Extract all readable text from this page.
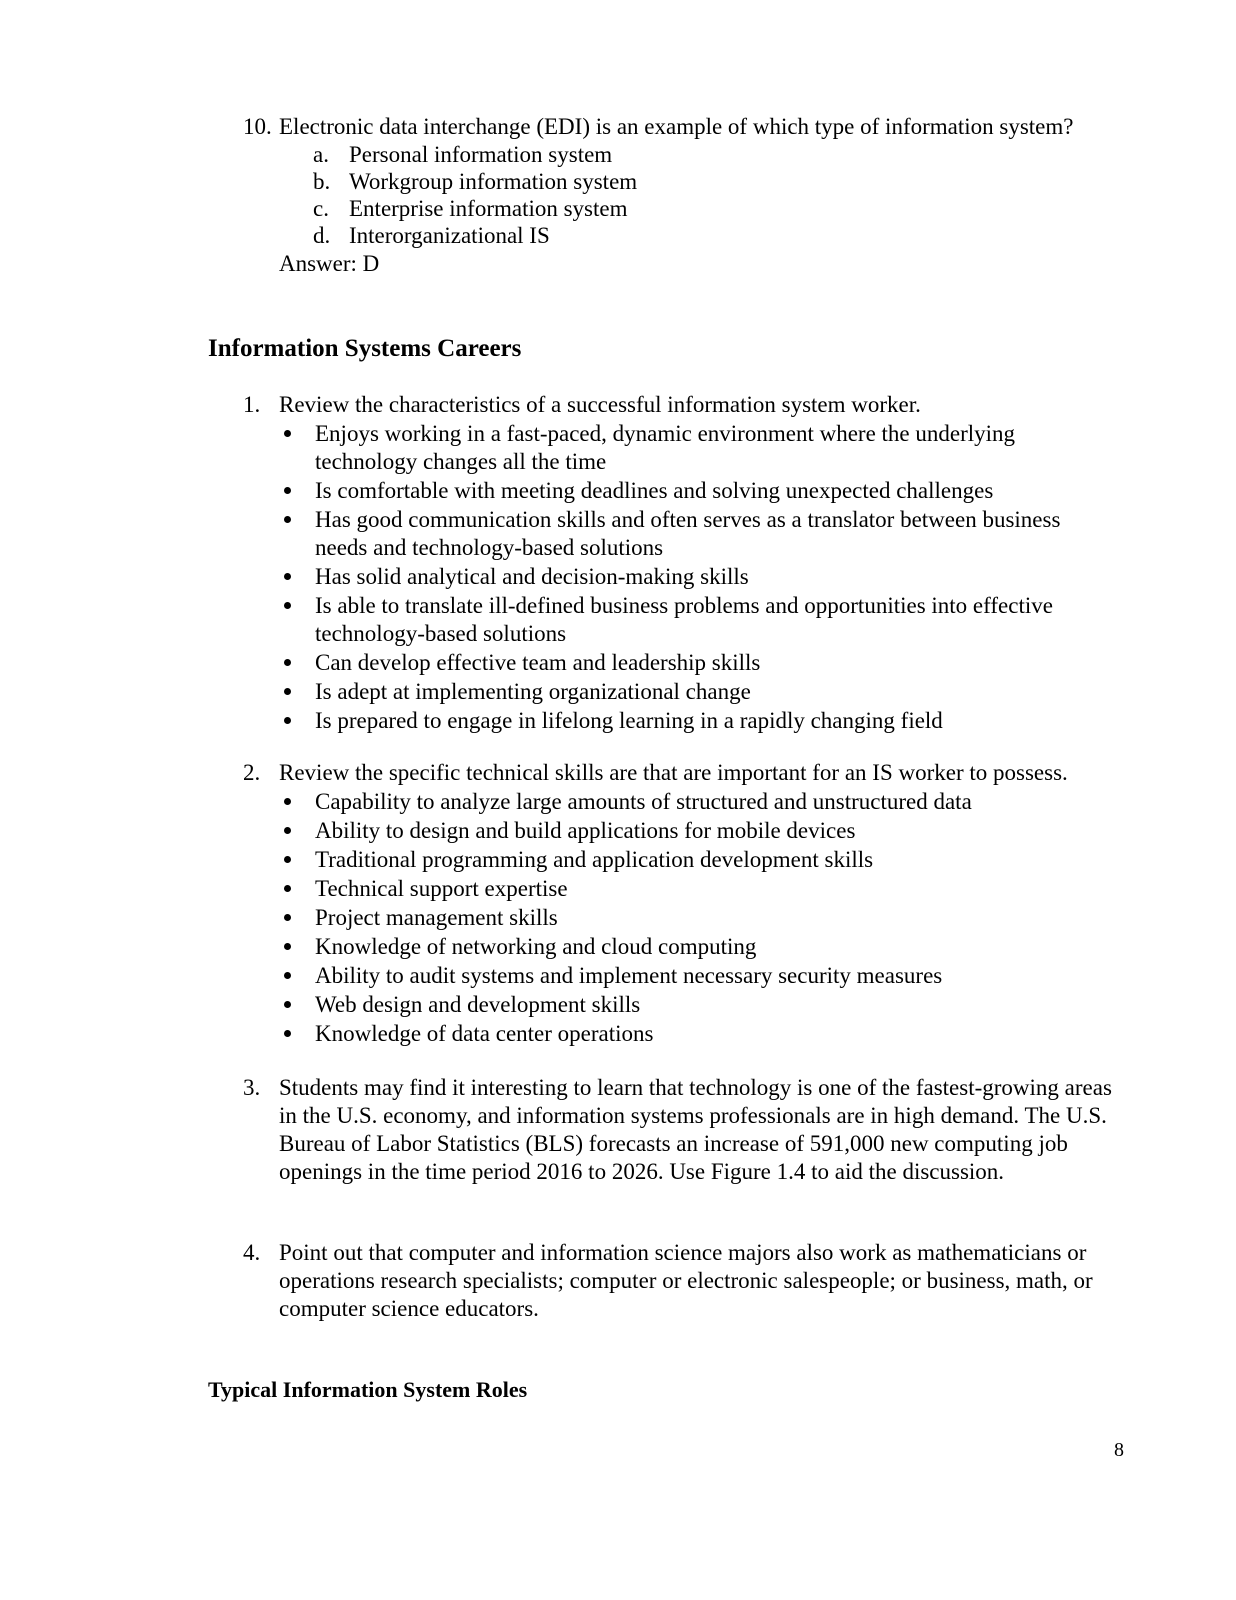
10. Electronic data interchange (EDI) is an example of which type of information system?
a. Personal information system
b. Workgroup information system
c. Enterprise information system
d. Interorganizational IS
Answer: D
Information Systems Careers
1. Review the characteristics of a successful information system worker.
Enjoys working in a fast-paced, dynamic environment where the underlying technology changes all the time
Is comfortable with meeting deadlines and solving unexpected challenges
Has good communication skills and often serves as a translator between business needs and technology-based solutions
Has solid analytical and decision-making skills
Is able to translate ill-defined business problems and opportunities into effective technology-based solutions
Can develop effective team and leadership skills
Is adept at implementing organizational change
Is prepared to engage in lifelong learning in a rapidly changing field
2. Review the specific technical skills are that are important for an IS worker to possess.
Capability to analyze large amounts of structured and unstructured data
Ability to design and build applications for mobile devices
Traditional programming and application development skills
Technical support expertise
Project management skills
Knowledge of networking and cloud computing
Ability to audit systems and implement necessary security measures
Web design and development skills
Knowledge of data center operations
3. Students may find it interesting to learn that technology is one of the fastest-growing areas in the U.S. economy, and information systems professionals are in high demand. The U.S. Bureau of Labor Statistics (BLS) forecasts an increase of 591,000 new computing job openings in the time period 2016 to 2026. Use Figure 1.4 to aid the discussion.
4. Point out that computer and information science majors also work as mathematicians or operations research specialists; computer or electronic salespeople; or business, math, or computer science educators.
Typical Information System Roles
8
